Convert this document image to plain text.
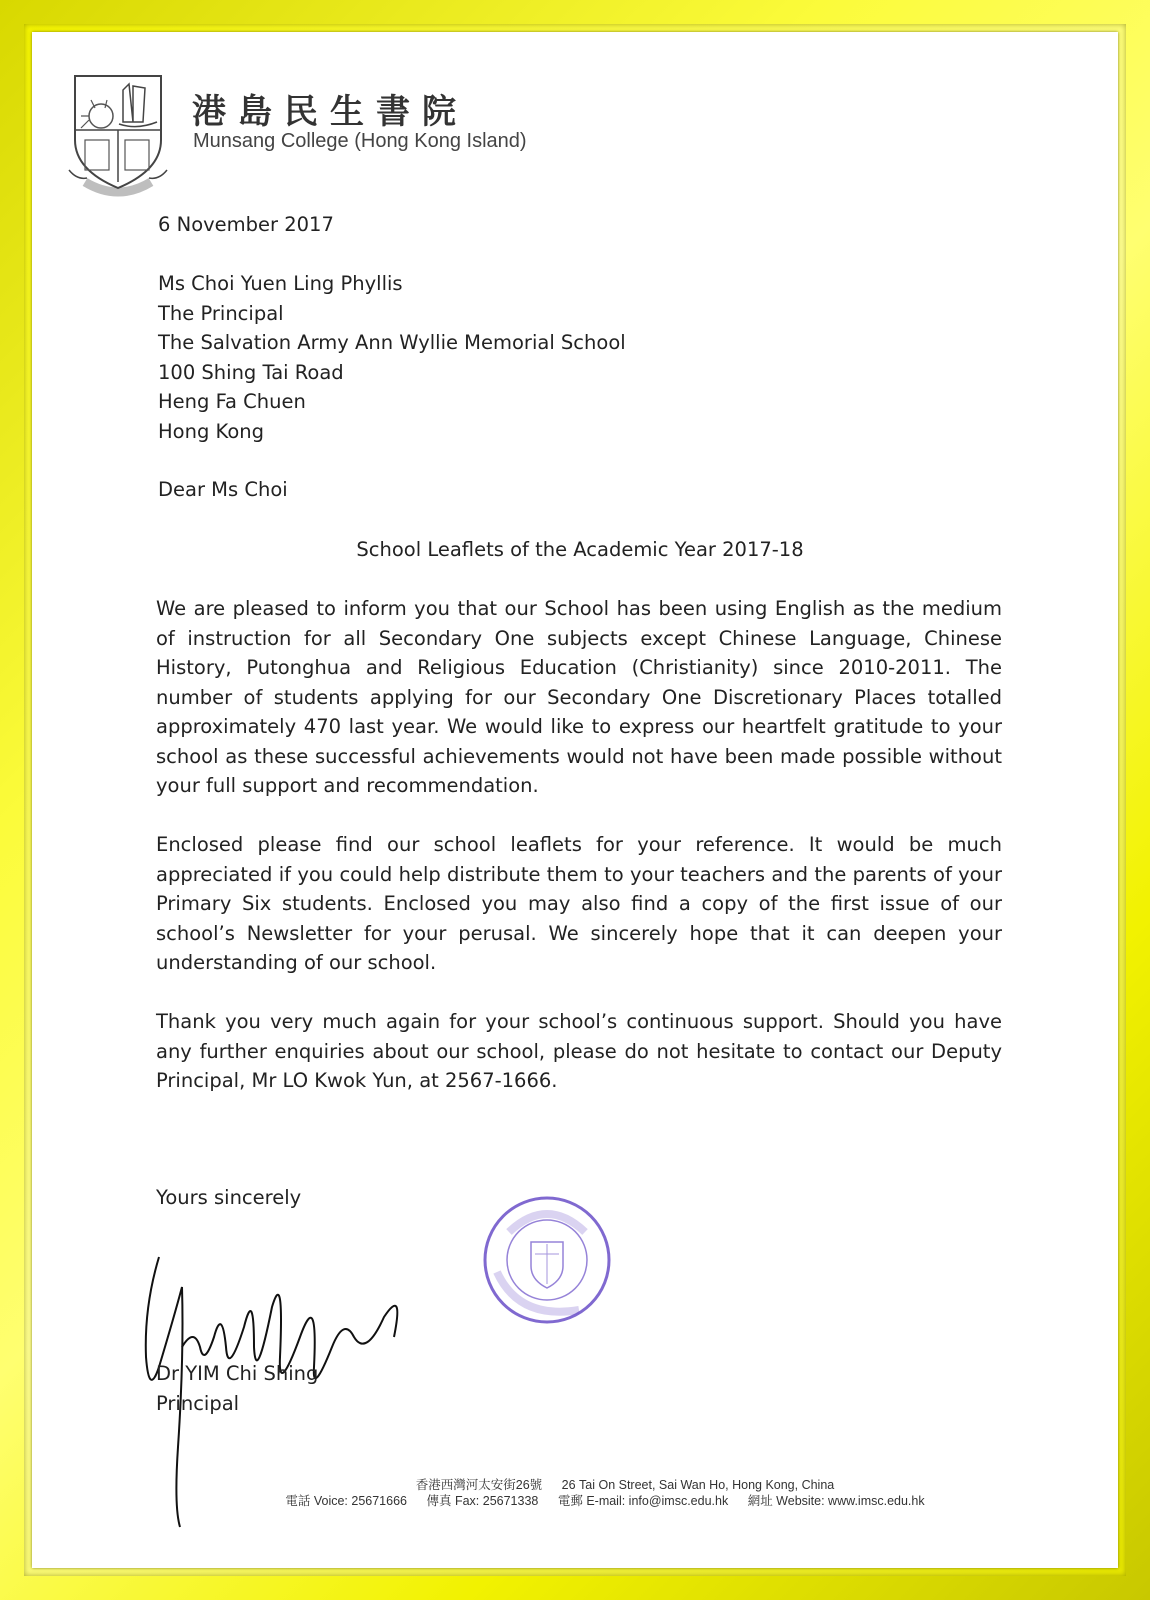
港島民生書院
Munsang College (Hong Kong Island)
6 November 2017
Ms Choi Yuen Ling Phyllis
The Principal
The Salvation Army Ann Wyllie Memorial School
100 Shing Tai Road
Heng Fa Chuen
Hong Kong
Dear Ms Choi
School Leaflets of the Academic Year 2017-18
We are pleased to inform you that our School has been using English as the medium of instruction for all Secondary One subjects except Chinese Language, Chinese History, Putonghua and Religious Education (Christianity) since 2010-2011. The number of students applying for our Secondary One Discretionary Places totalled approximately 470 last year. We would like to express our heartfelt gratitude to your school as these successful achievements would not have been made possible without your full support and recommendation.
Enclosed please find our school leaflets for your reference. It would be much appreciated if you could help distribute them to your teachers and the parents of your Primary Six students. Enclosed you may also find a copy of the first issue of our school’s Newsletter for your perusal. We sincerely hope that it can deepen your understanding of our school.
Thank you very much again for your school’s continuous support. Should you have any further enquiries about our school, please do not hesitate to contact our Deputy Principal, Mr LO Kwok Yun, at 2567-1666.
Yours sincerely
Dr YIM Chi Shing
Principal
香港西灣河太安街26號 26 Tai On Street, Sai Wan Ho, Hong Kong, China
電話 Voice: 25671666 傳真 Fax: 25671338 電郵 E-mail: info@imsc.edu.hk 網址 Website: www.imsc.edu.hk
